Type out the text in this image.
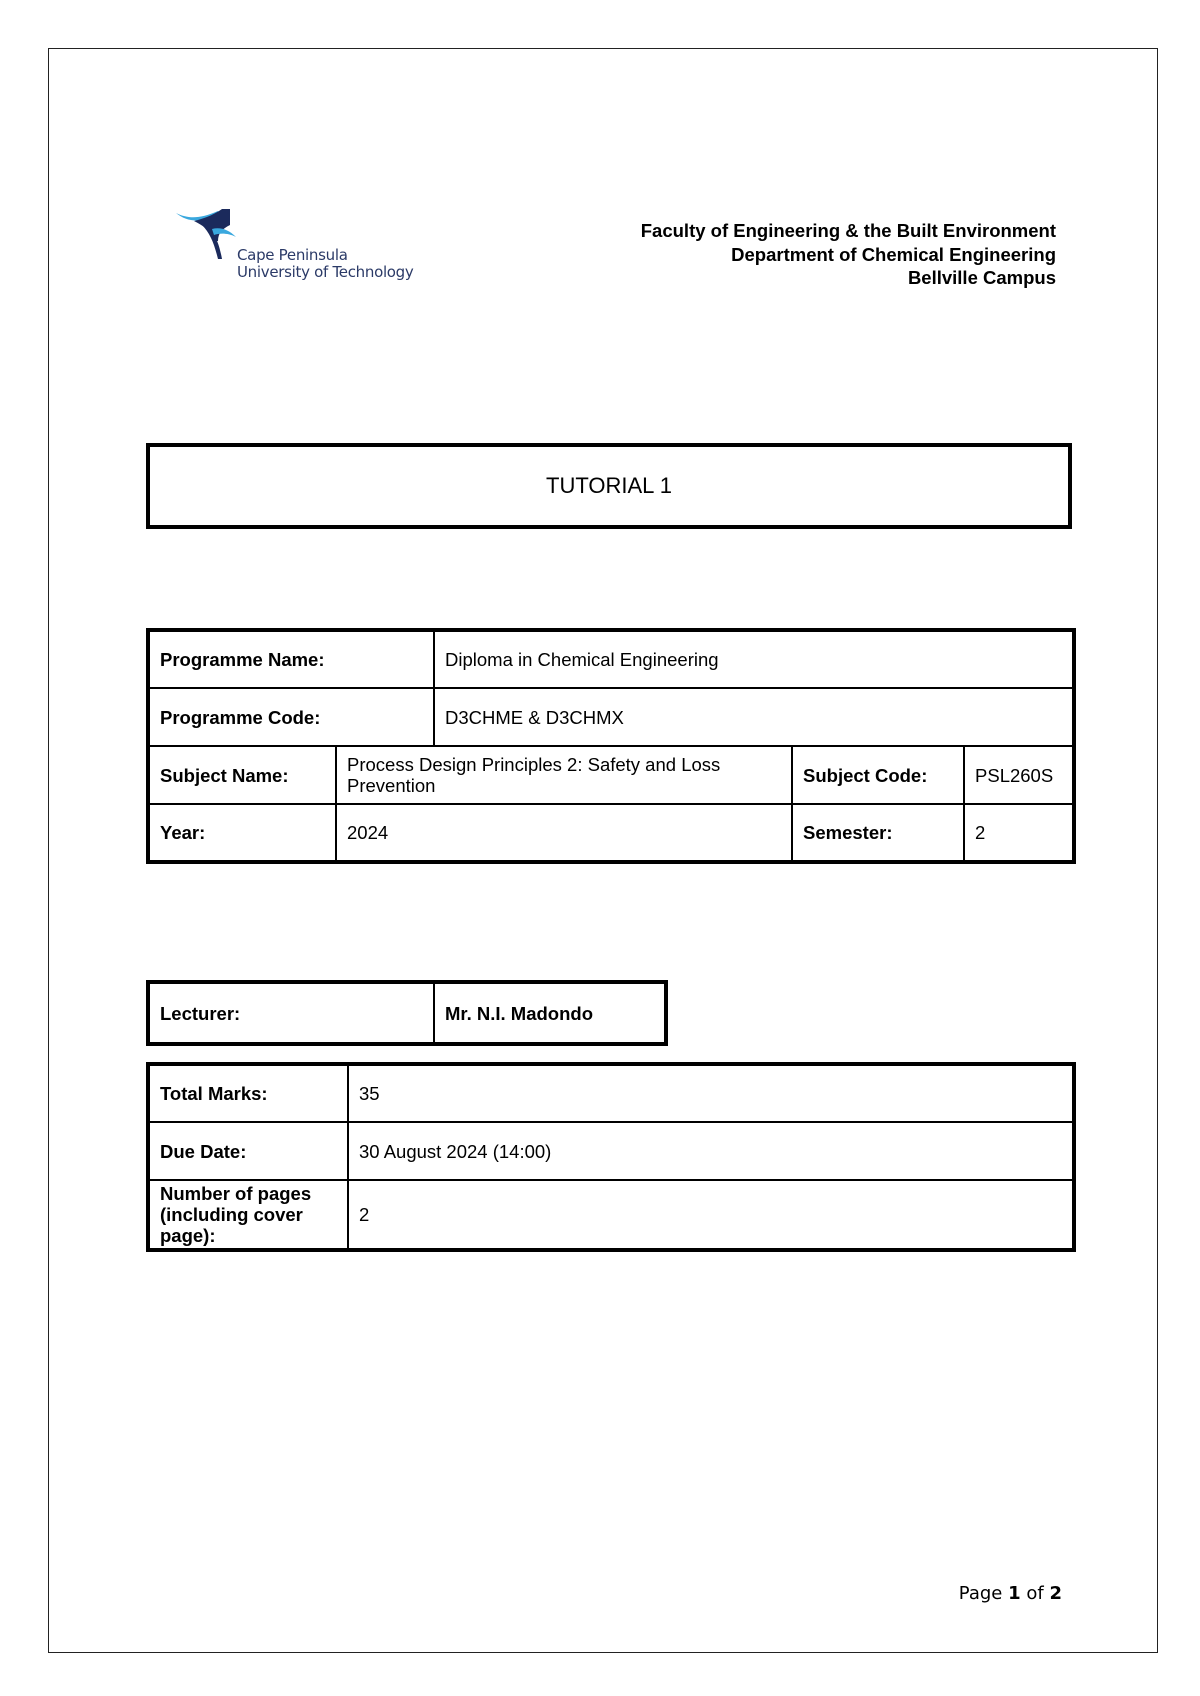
Cape Peninsula
University of Technology
Faculty of Engineering & the Built Environment
Department of Chemical Engineering
Bellville Campus
TUTORIAL 1
Programme Name:		Diploma in Chemical Engineering		
Programme Code:		D3CHME & D3CHMX		
Subject Name:	Process Design Principles 2: Safety and Loss Prevention		Subject Code:	PSL260S
Year:	2024		Semester:	2
Lecturer:	Mr. N.I. Madondo
Total Marks:	35
Due Date:	30 August 2024 (14:00)
Number of pages (including cover page):	2
Page 1 of 2
